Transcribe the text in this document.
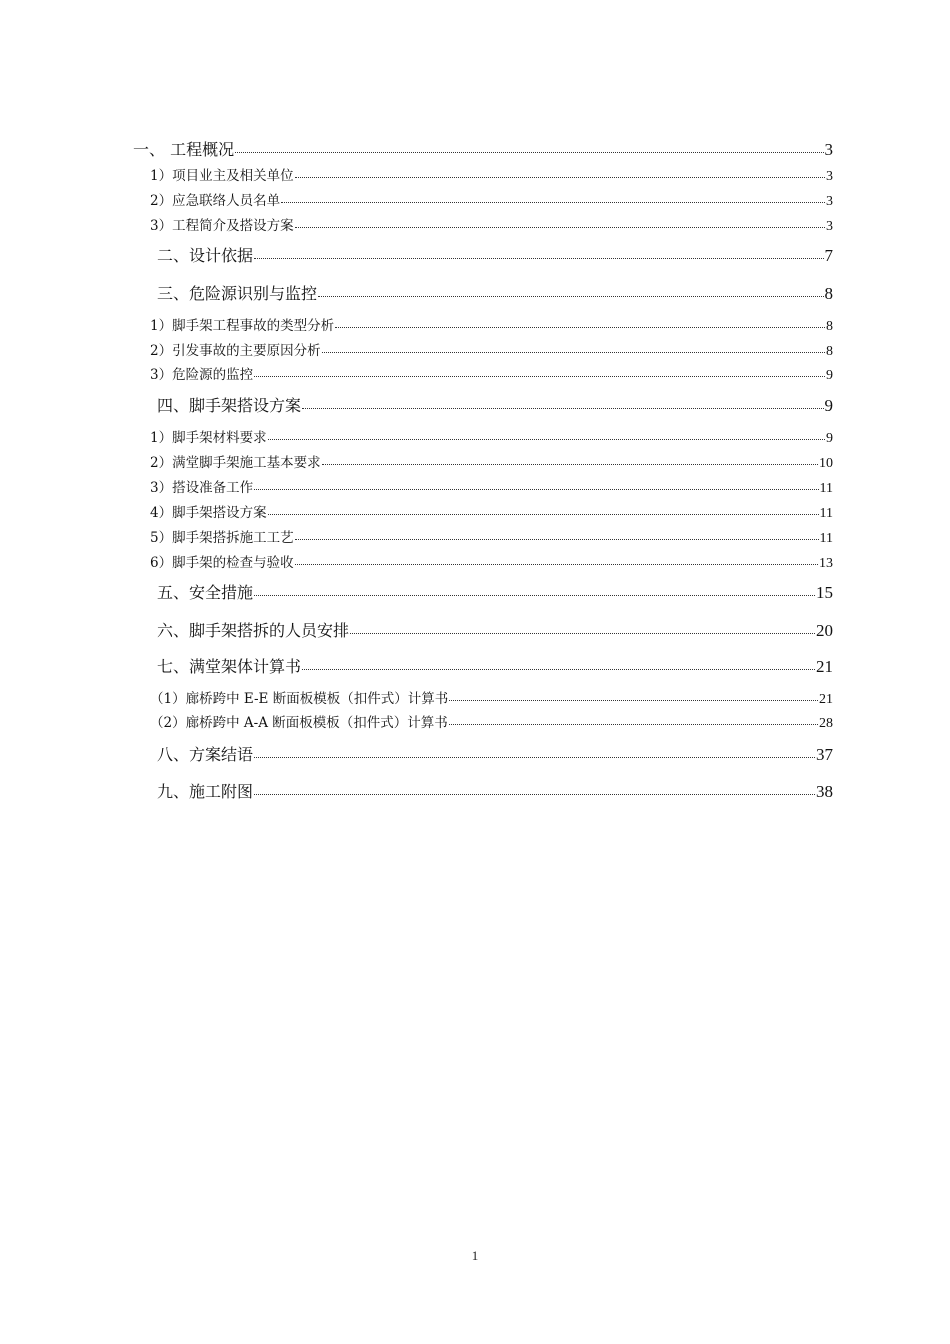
一、 工程概况	3
1）项目业主及相关单位	3
2）应急联络人员名单	3
3）工程简介及搭设方案	3
二、设计依据	7
三、危险源识别与监控	8
1）脚手架工程事故的类型分析	8
2）引发事故的主要原因分析	8
3）危险源的监控	9
四、脚手架搭设方案	9
1）脚手架材料要求	9
2）满堂脚手架施工基本要求	10
3）搭设准备工作	11
4）脚手架搭设方案	11
5）脚手架搭拆施工工艺	11
6）脚手架的检查与验收	13
五、安全措施	15
六、脚手架搭拆的人员安排	20
七、满堂架体计算书	21
（1）廊桥跨中 E-E 断面板模板（扣件式）计算书	21
（2）廊桥跨中 A-A 断面板模板（扣件式）计算书	28
八、方案结语	37
九、施工附图	38
1
